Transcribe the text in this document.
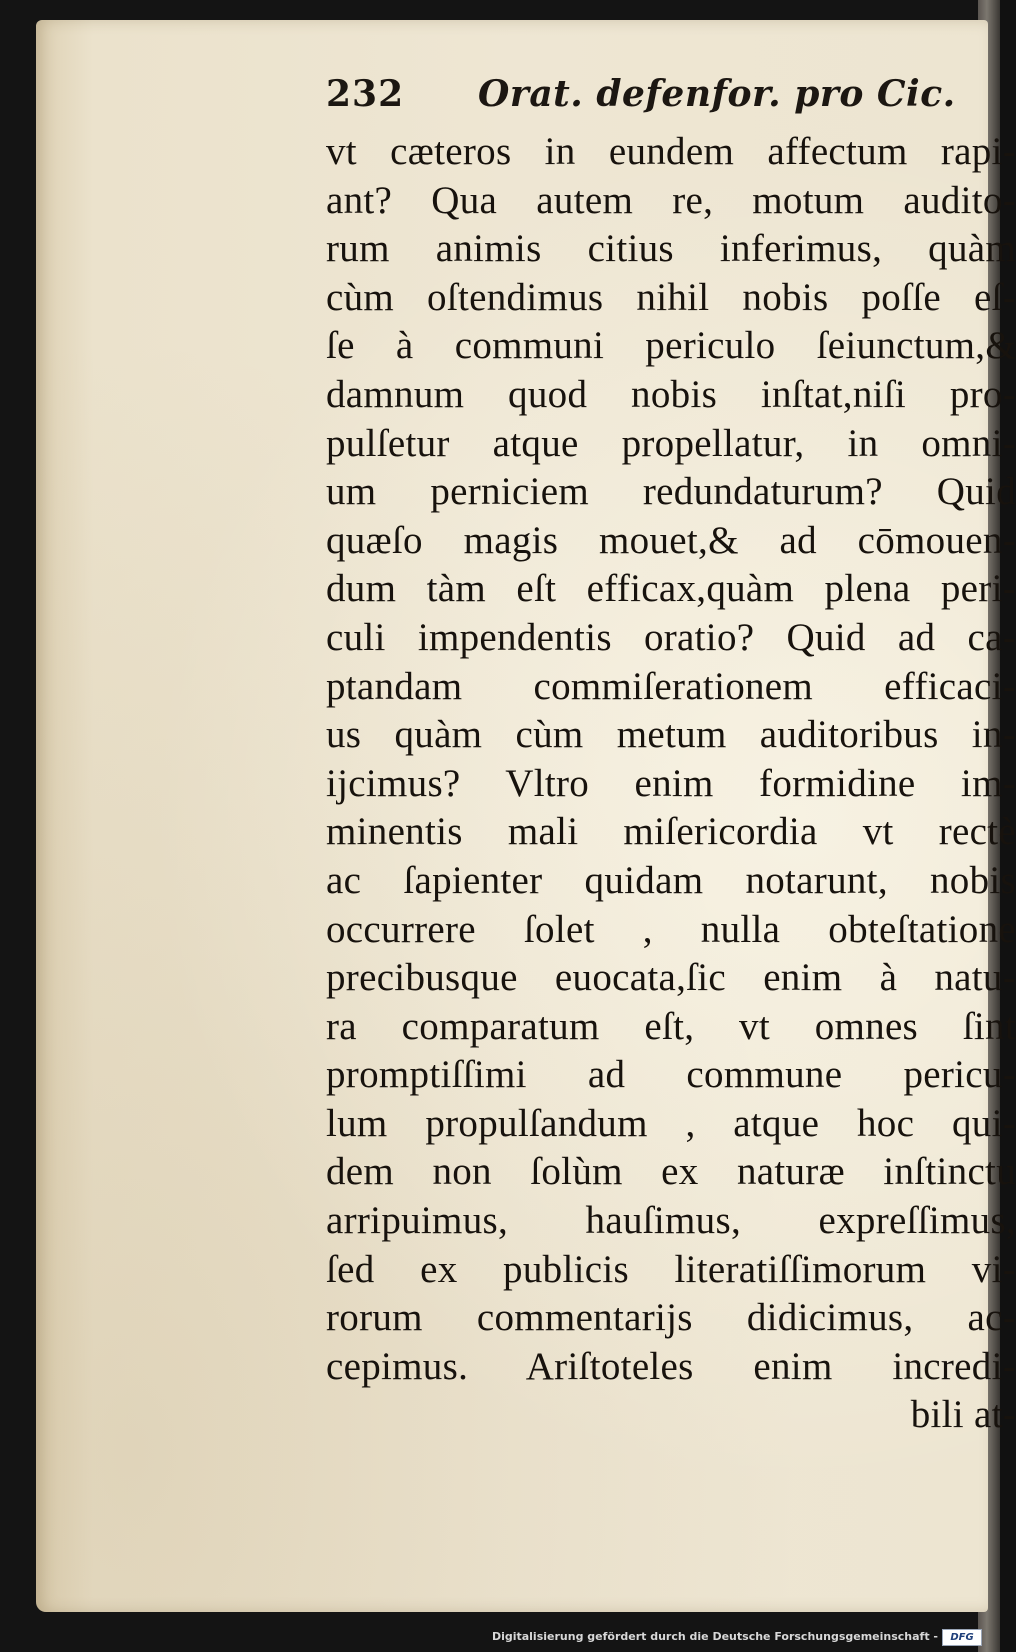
232 Orat. defenfor. pro Cic.
vt cæteros in eundem affectum rapi-
ant? Qua autem re, motum audito-
rum animis citius inferimus, quàm
cùm oſtendimus nihil nobis poſſe eſ-
ſe à communi periculo ſeiunctum,&
damnum quod nobis inſtat,niſi pro-
pulſetur atque propellatur, in omni-
um perniciem redundaturum? Quid
quæſo magis mouet,& ad cōmouen-
dum tàm eſt efficax,quàm plena peri-
culi impendentis oratio? Quid ad ca-
ptandam commiſerationem efficaci-
us quàm cùm metum auditoribus in-
ijcimus? Vltro enim formidine im-
minentis mali miſericordia vt rectè
ac ſapienter quidam notarunt, nobis
occurrere ſolet , nulla obteſtatione
precibusque euocata,ſic enim à natu-
ra comparatum eſt, vt omnes ſint
promptiſſimi ad commune pericu-
lum propulſandum , atque hoc qui-
dem non ſolùm ex naturæ inſtinctu
arripuimus, hauſimus, expreſſimus,
ſed ex publicis literatiſſimorum vi-
rorum commentarijs didicimus, ac-
cepimus. Ariſtoteles enim incredi-
bili at-
Digitalisierung gefördert durch die Deutsche Forschungsgemeinschaft -	DFG
